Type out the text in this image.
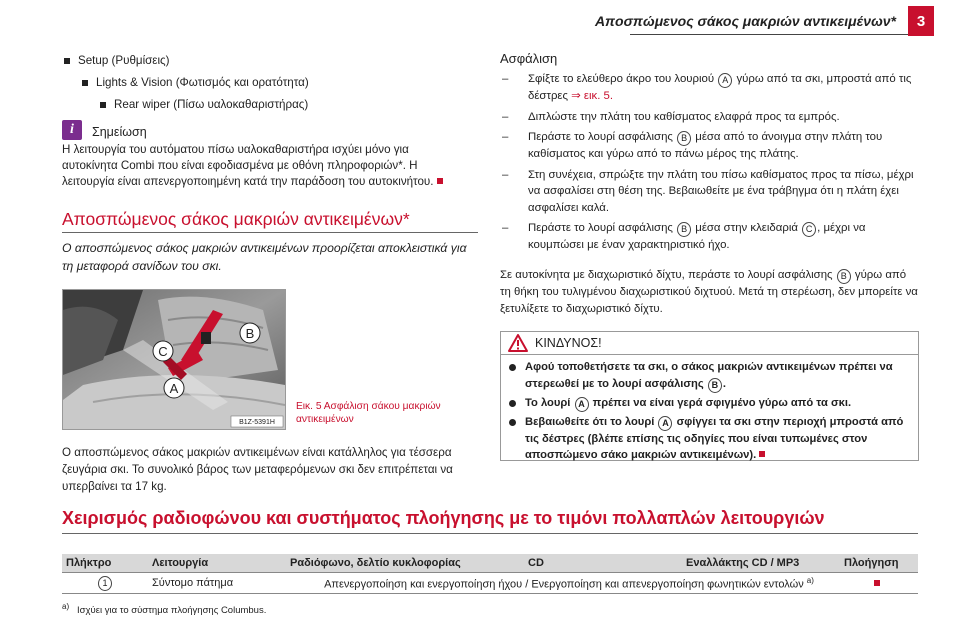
Αποσπώμενος σάκος μακριών αντικειμένων*	3
Setup (Ρυθμίσεις)
Lights & Vision (Φωτισμός και ορατότητα)
Rear wiper (Πίσω υαλοκαθαριστήρας)
i	Σημείωση
Η λειτουργία του αυτόματου πίσω υαλοκαθαριστήρα ισχύει μόνο για αυτοκίνητα Combi που είναι εφοδιασμένα με οθόνη πληροφοριών*. Η λειτουργία είναι απενεργοποιημένη κατά την παράδοση του αυτοκινήτου.
Αποσπώμενος σάκος μακριών αντικειμένων*
Ο αποσπώμενος σάκος μακριών αντικειμένων προορίζεται αποκλειστικά για τη μεταφορά σανίδων του σκι.
C
B
A
B1Z-5391H
Εικ. 5 Ασφάλιση σάκου μακριών αντικειμένων
Ο αποσπώμενος σάκος μακριών αντικειμένων είναι κατάλληλος για τέσσερα ζευγάρια σκι. Το συνολικό βάρος των μεταφερόμενων σκι δεν επιτρέπεται να υπερβαίνει τα 17 kg.
Ασφάλιση
– Σφίξτε το ελεύθερο άκρο του λουριού A γύρω από τα σκι, μπροστά από τις δέστρες ⇒ εικ. 5.
– Διπλώστε την πλάτη του καθίσματος ελαφρά προς τα εμπρός.
– Περάστε το λουρί ασφάλισης B μέσα από το άνοιγμα στην πλάτη του καθίσματος και γύρω από το πάνω μέρος της πλάτης.
– Στη συνέχεια, σπρώξτε την πλάτη του πίσω καθίσματος προς τα πίσω, μέχρι να ασφαλίσει στη θέση της. Βεβαιωθείτε με ένα τράβηγμα ότι η πλάτη έχει ασφαλίσει καλά.
– Περάστε το λουρί ασφάλισης B μέσα στην κλειδαριά C , μέχρι να κουμπώσει με έναν χαρακτηριστικό ήχο.
Σε αυτοκίνητα με διαχωριστικό δίχτυ, περάστε το λουρί ασφάλισης B γύρω από τη θήκη του τυλιγμένου διαχωριστικού διχτυού. Μετά τη στερέωση, δεν μπορείτε να ξετυλίξετε το διαχωριστικό δίχτυ.
ΚΙΝΔΥΝΟΣ!
Αφού τοποθετήσετε τα σκι, ο σάκος μακριών αντικειμένων πρέπει να στερεωθεί με το λουρί ασφάλισης B .
Το λουρί A πρέπει να είναι γερά σφιγμένο γύρω από τα σκι.
Βεβαιωθείτε ότι το λουρί A σφίγγει τα σκι στην περιοχή μπροστά από τις δέστρες (βλέπε επίσης τις οδηγίες που είναι τυπωμένες στον αποσπώμενο σάκο μακριών αντικειμένων).
Χειρισμός ραδιοφώνου και συστήματος πλοήγησης με το τιμόνι πολλαπλών λειτουργιών
Πλήκτρο	Λειτουργία	Ραδιόφωνο, δελτίο κυκλοφορίας	CD	Εναλλάκτης CD / MP3	Πλοήγηση
1	Σύντομο πάτημα	Απενεργοποίηση και ενεργοποίηση ήχου / Ενεργοποίηση και απενεργοποίηση φωνητικών εντολών $^{a)}$
$^{a)}$ Ισχύει για το σύστημα πλοήγησης Columbus.
